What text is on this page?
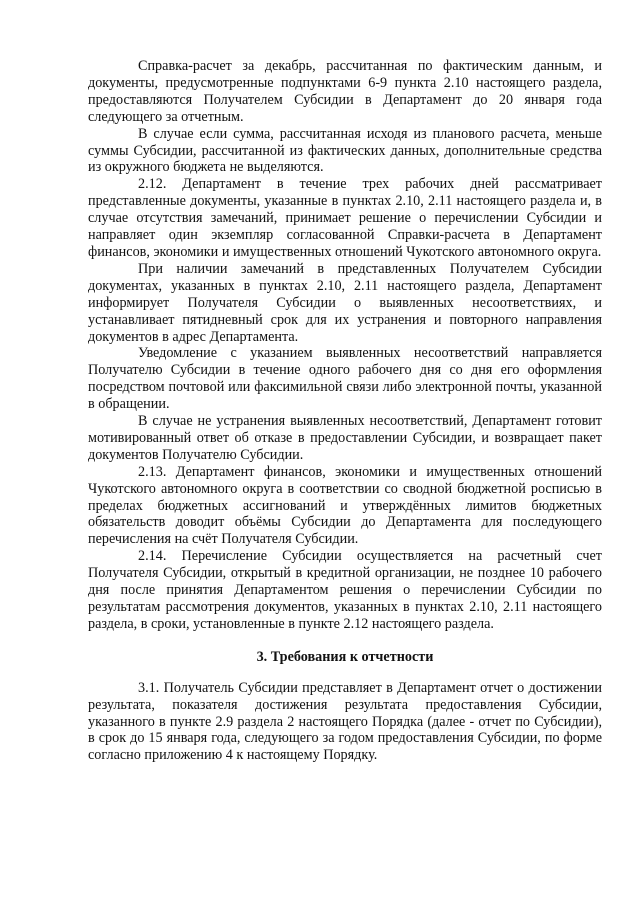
Справка-расчет за декабрь, рассчитанная по фактическим данным, и документы, предусмотренные подпунктами 6-9 пункта 2.10 настоящего раздела, предоставляются Получателем Субсидии в Департамент до 20 января года следующего за отчетным.

В случае если сумма, рассчитанная исходя из планового расчета, меньше суммы Субсидии, рассчитанной из фактических данных, дополнительные средства из окружного бюджета не выделяются.

2.12. Департамент в течение трех рабочих дней рассматривает представленные документы, указанные в пунктах 2.10, 2.11 настоящего раздела и, в случае отсутствия замечаний, принимает решение о перечислении Субсидии и направляет один экземпляр согласованной Справки-расчета в Департамент финансов, экономики и имущественных отношений Чукотского автономного округа.

При наличии замечаний в представленных Получателем Субсидии документах, указанных в пунктах 2.10, 2.11 настоящего раздела, Департамент информирует Получателя Субсидии о выявленных несоответствиях, и устанавливает пятидневный срок для их устранения и повторного направления документов в адрес Департамента.

Уведомление с указанием выявленных несоответствий направляется Получателю Субсидии в течение одного рабочего дня со дня его оформления посредством почтовой или факсимильной связи либо электронной почты, указанной в обращении.

В случае не устранения выявленных несоответствий, Департамент готовит мотивированный ответ об отказе в предоставлении Субсидии, и возвращает пакет документов Получателю Субсидии.

2.13. Департамент финансов, экономики и имущественных отношений Чукотского автономного округа в соответствии со сводной бюджетной росписью в пределах бюджетных ассигнований и утверждённых лимитов бюджетных обязательств доводит объёмы Субсидии до Департамента для последующего перечисления на счёт Получателя Субсидии.

2.14. Перечисление Субсидии осуществляется на расчетный счет Получателя Субсидии, открытый в кредитной организации, не позднее 10 рабочего дня после принятия Департаментом решения о перечислении Субсидии по результатам рассмотрения документов, указанных в пунктах 2.10, 2.11 настоящего раздела, в сроки, установленные в пункте 2.12 настоящего раздела.

3. Требования к отчетности

3.1. Получатель Субсидии представляет в Департамент отчет о достижении результата, показателя достижения результата предоставления Субсидии, указанного в пункте 2.9 раздела 2 настоящего Порядка (далее - отчет по Субсидии), в срок до 15 января года, следующего за годом предоставления Субсидии, по форме согласно приложению 4 к настоящему Порядку.
